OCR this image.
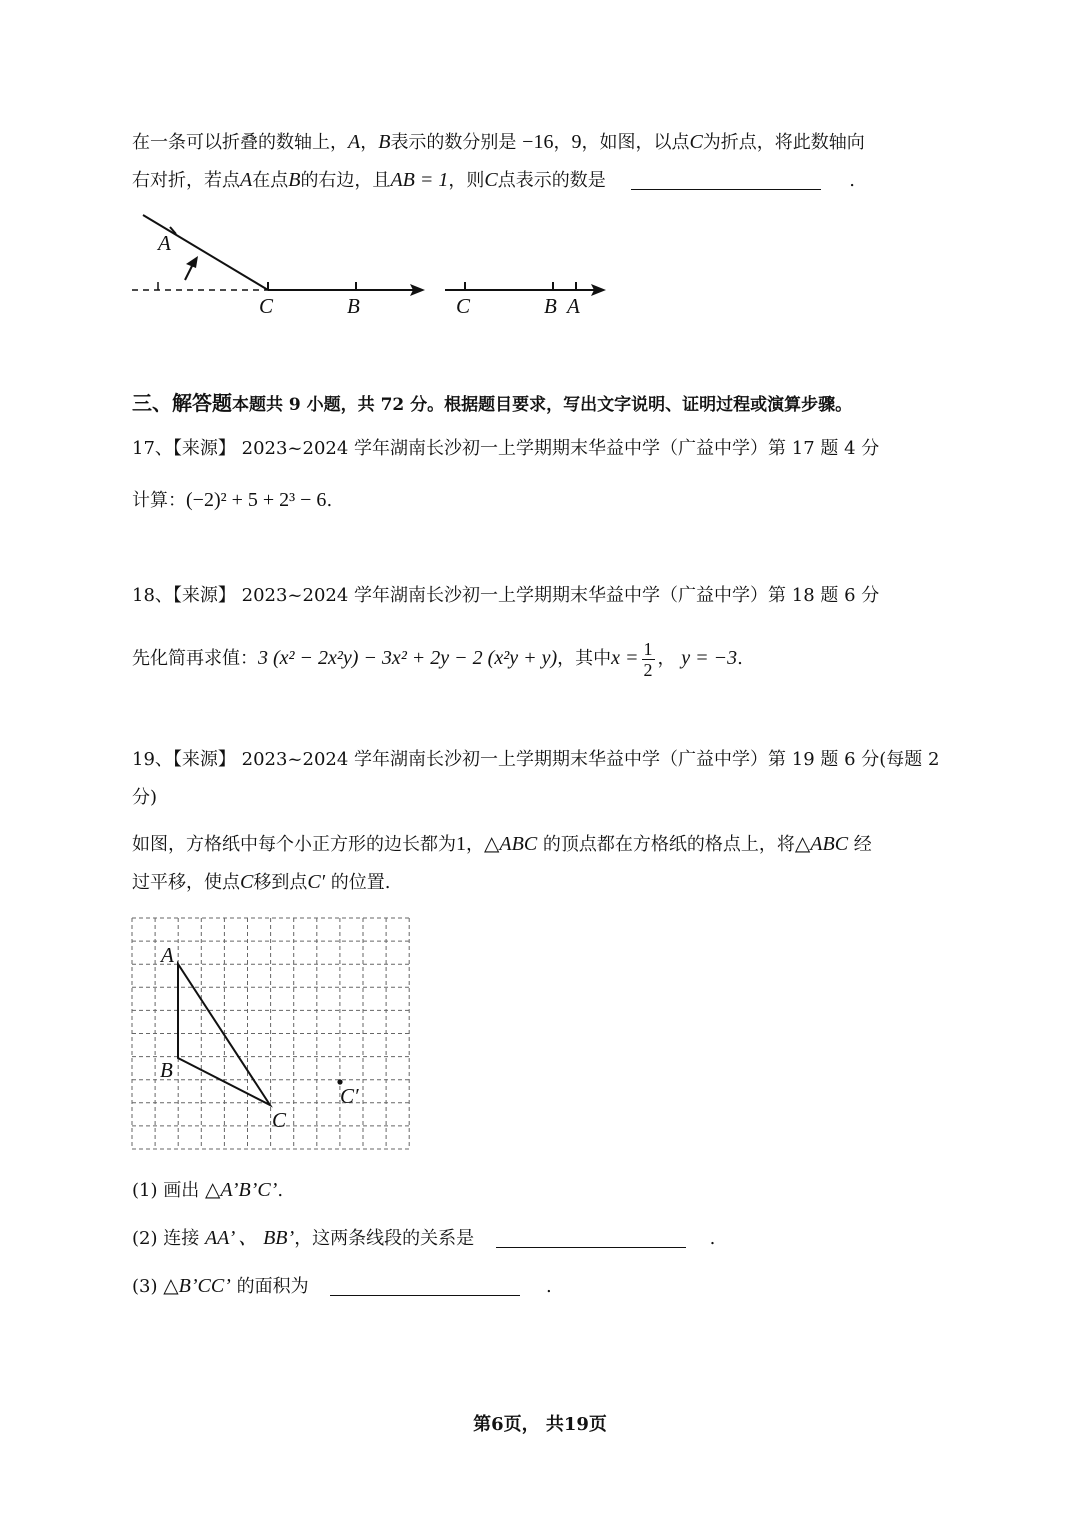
在一条可以折叠的数轴上，A，B表示的数分别是 −16，9，如图，以点C为折点，将此数轴向
右对折，若点A在点B的右边，且AB = 1，则C点表示的数是	.
A
C	B	C	B A
三、解答题本题共 9 小题，共 72 分。根据题目要求，写出文字说明、证明过程或演算步骤。
17、【来源】 2023~2024 学年湖南长沙初一上学期期末华益中学（广益中学）第 17 题 4 分
计算：(−2)² + 5 + 2³ − 6.
18、【来源】 2023~2024 学年湖南长沙初一上学期期末华益中学（广益中学）第 18 题 6 分
先化简再求值：3 (x² − 2x²y) − 3x² + 2y − 2 (x²y + y)，其中$x = \frac{1}{2}$ ， y = −3.
19、【来源】 2023~2024 学年湖南长沙初一上学期期末华益中学（广益中学）第 19 题 6 分(每题 2
分)
如图，方格纸中每个小正方形的边长都为1，△ABC 的顶点都在方格纸的格点上，将△ABC 经
过平移，使点C移到点C′ 的位置.
A
B
C
C′
(1) 画出 △A’B’C’.
(2) 连接 AA’ 、 BB’，这两条线段的关系是	.
(3) △B’CC’ 的面积为	.
第6页， 共19页
